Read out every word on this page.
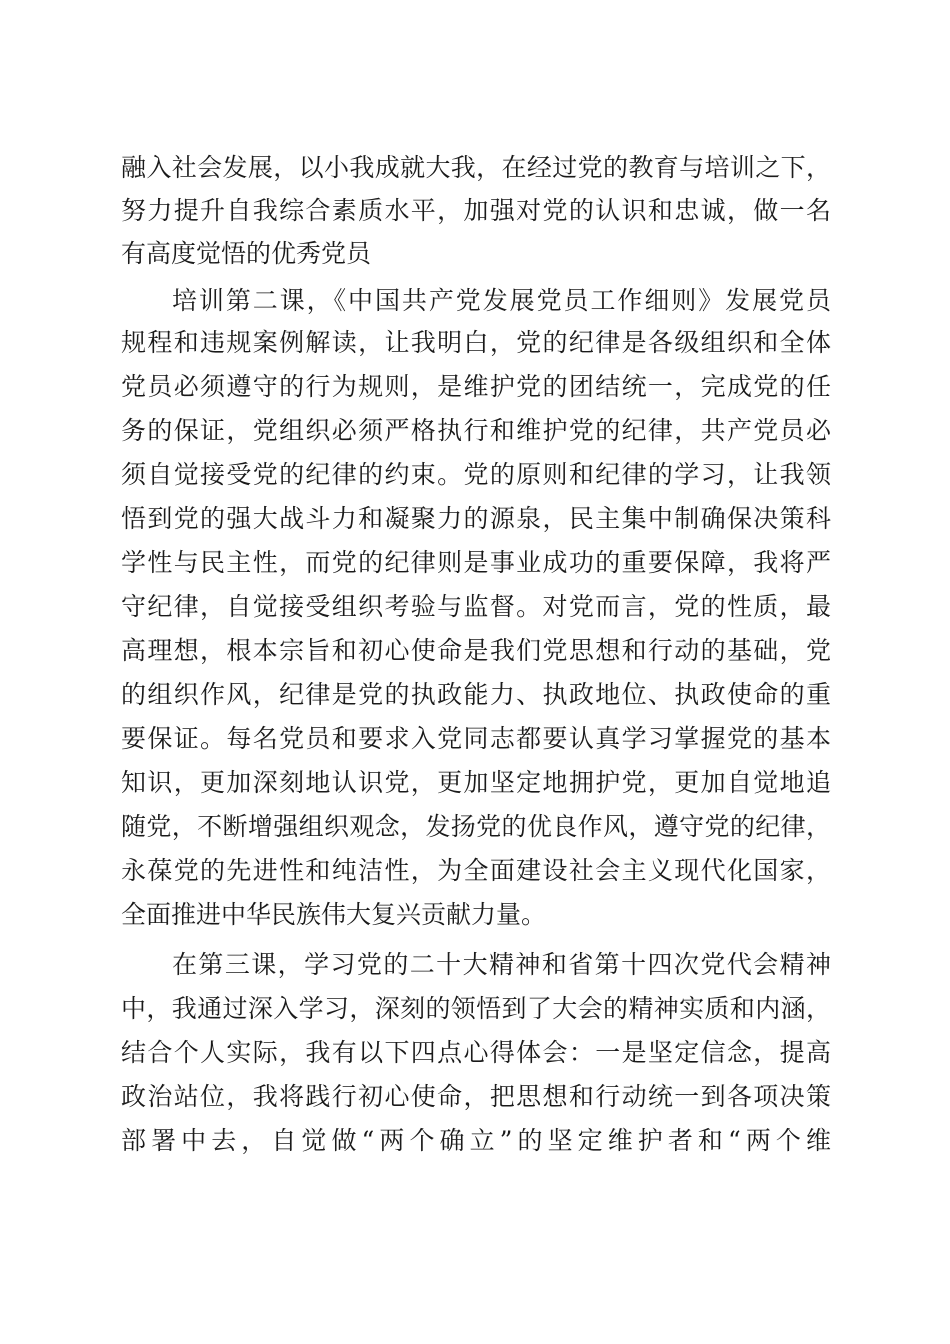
融入社会发展，以小我成就大我，在经过党的教育与培训之下，
努力提升自我综合素质水平，加强对党的认识和忠诚，做一名
有高度觉悟的优秀党员
培训第二课，《中国共产党发展党员工作细则》发展党员
规程和违规案例解读，让我明白，党的纪律是各级组织和全体
党员必须遵守的行为规则，是维护党的团结统一，完成党的任
务的保证，党组织必须严格执行和维护党的纪律，共产党员必
须自觉接受党的纪律的约束。党的原则和纪律的学习，让我领
悟到党的强大战斗力和凝聚力的源泉，民主集中制确保决策科
学性与民主性，而党的纪律则是事业成功的重要保障，我将严
守纪律，自觉接受组织考验与监督。对党而言，党的性质，最
高理想，根本宗旨和初心使命是我们党思想和行动的基础，党
的组织作风，纪律是党的执政能力、执政地位、执政使命的重
要保证。每名党员和要求入党同志都要认真学习掌握党的基本
知识，更加深刻地认识党，更加坚定地拥护党，更加自觉地追
随党，不断增强组织观念，发扬党的优良作风，遵守党的纪律，
永葆党的先进性和纯洁性，为全面建设社会主义现代化国家，
全面推进中华民族伟大复兴贡献力量。
在第三课，学习党的二十大精神和省第十四次党代会精神
中，我通过深入学习，深刻的领悟到了大会的精神实质和内涵，
结合个人实际，我有以下四点心得体会：一是坚定信念，提高
政治站位，我将践行初心使命，把思想和行动统一到各项决策
部署中去，自觉做“两个确立”的坚定维护者和“两个维
